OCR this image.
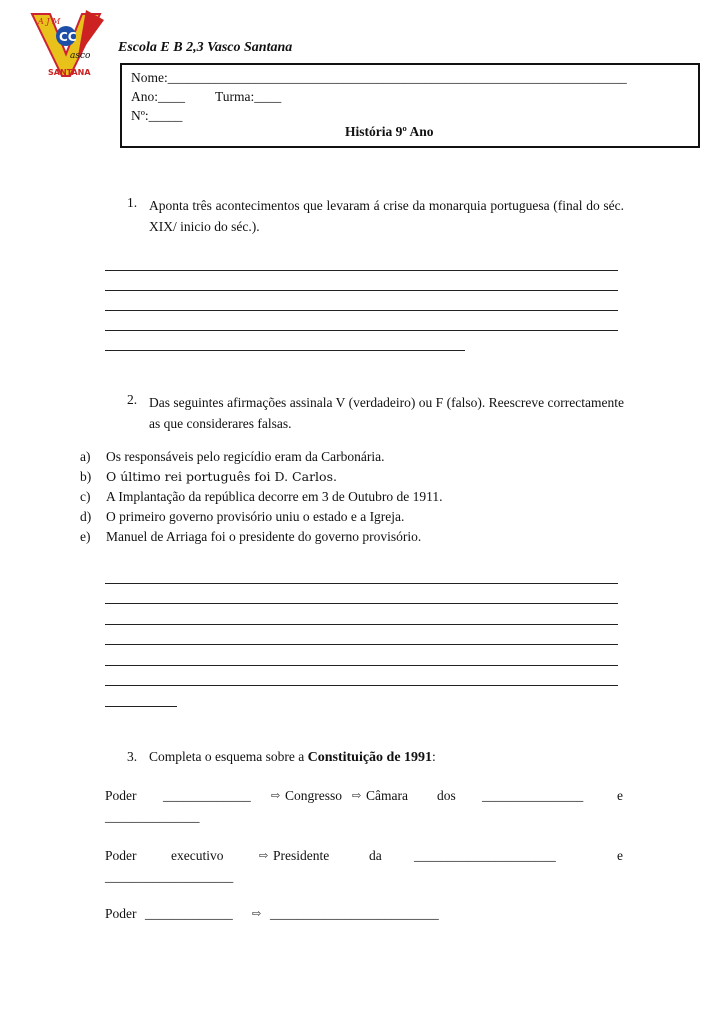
CC
A J M
asco
SANTANA
Escola E B 2,3 Vasco Santana
Nome:____________________________________________________________________
Ano:____ Turma:____
Nº:_____
História 9º Ano
1. Aponta três acontecimentos que levaram á crise da monarquia portuguesa (final do séc. XIX/ inicio do séc.).
2. Das seguintes afirmações assinala V (verdadeiro) ou F (falso). Reescreve correctamente as que considerares falsas.
a) Os responsáveis pelo regicídio eram da Carbonária.
b) O último rei português foi D. Carlos.
c) A Implantação da república decorre em 3 de Outubro de 1911.
d) O primeiro governo provisório uniu o estado e a Igreja.
e) Manuel de Arriaga foi o presidente do governo provisório.
3. Completa o esquema sobre a Constituição de 1991:
Poder _____________ ⇨ Congresso ⇨ Câmara dos _______________	e
______________
Poder	executivo	⇨ Presidente	da _____________________	e
___________________
Poder _____________ ⇨ _________________________
